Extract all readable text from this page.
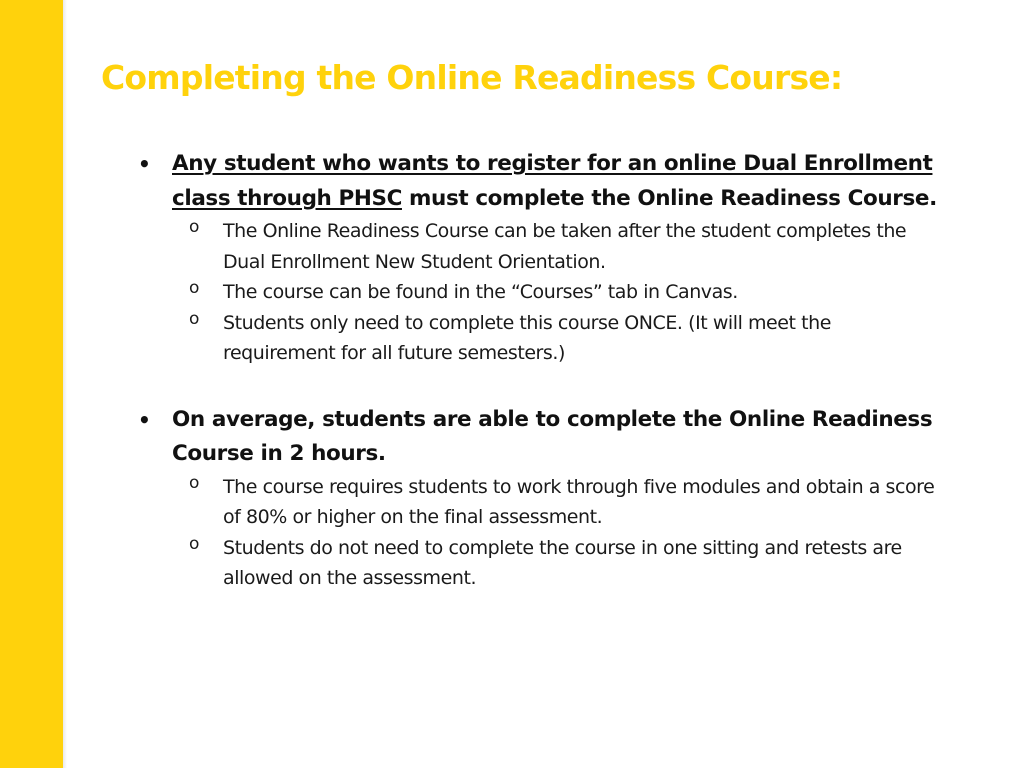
Completing the Online Readiness Course:
• Any student who wants to register for an online Dual Enrollment class through PHSC must complete the Online Readiness Course.
o The Online Readiness Course can be taken after the student completes the Dual Enrollment New Student Orientation.
o The course can be found in the “Courses” tab in Canvas.
o Students only need to complete this course ONCE. (It will meet the requirement for all future semesters.)
• On average, students are able to complete the Online Readiness Course in 2 hours.
o The course requires students to work through five modules and obtain a score of 80% or higher on the final assessment.
o Students do not need to complete the course in one sitting and retests are allowed on the assessment.
